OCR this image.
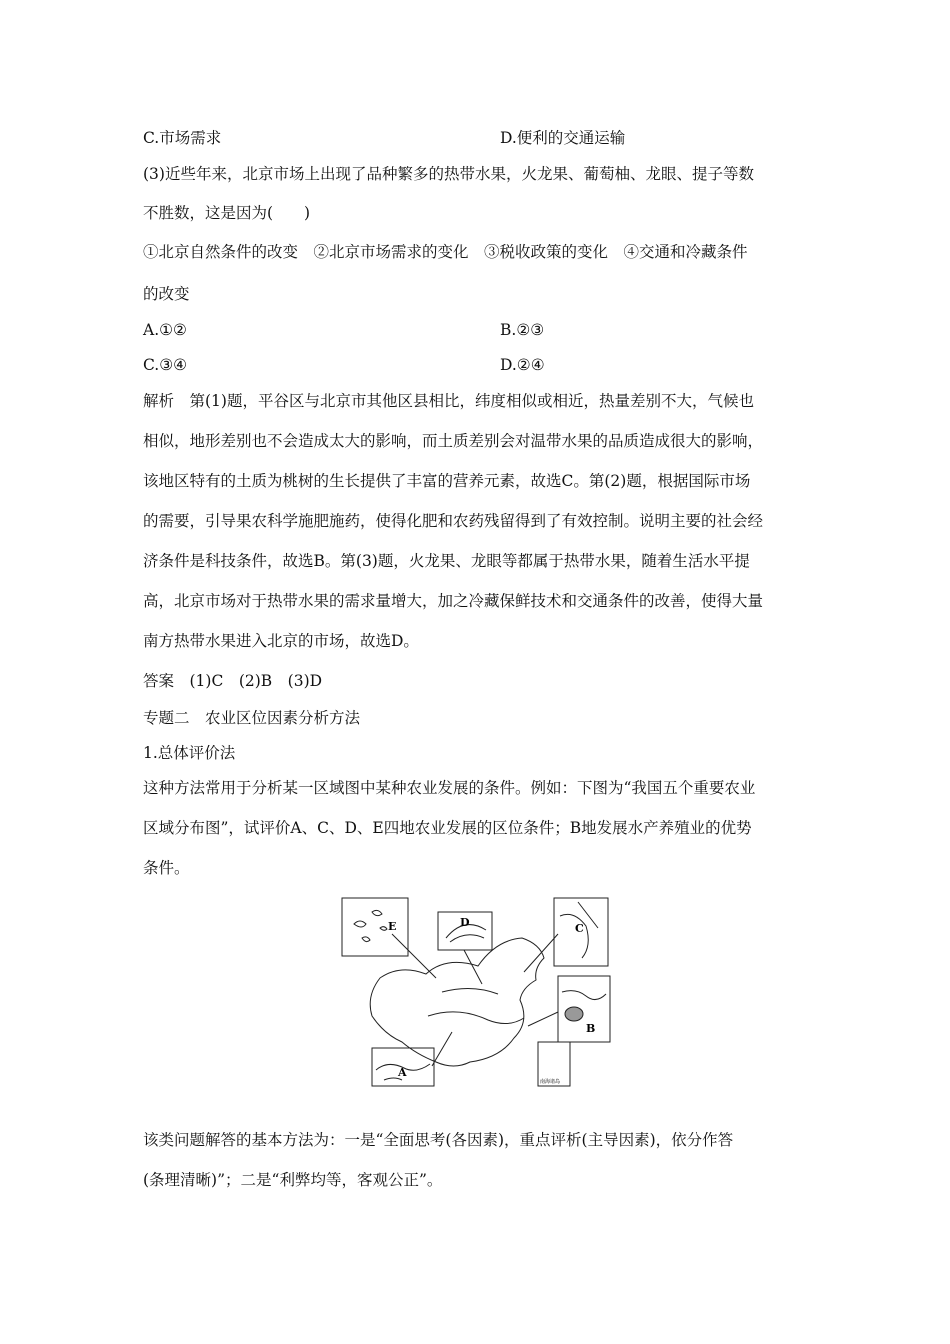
C.市场需求	D.便利的交通运输
(3)近些年来，北京市场上出现了品种繁多的热带水果，火龙果、葡萄柚、龙眼、提子等数
不胜数，这是因为(　　)
①北京自然条件的改变　②北京市场需求的变化　③税收政策的变化　④交通和冷藏条件
的改变
A.①②	B.②③
C.③④	D.②④
解析　第(1)题，平谷区与北京市其他区县相比，纬度相似或相近，热量差别不大，气候也
相似，地形差别也不会造成太大的影响，而土质差别会对温带水果的品质造成很大的影响，
该地区特有的土质为桃树的生长提供了丰富的营养元素，故选C。第(2)题，根据国际市场
的需要，引导果农科学施肥施药，使得化肥和农药残留得到了有效控制。说明主要的社会经
济条件是科技条件，故选B。第(3)题，火龙果、龙眼等都属于热带水果，随着生活水平提
高，北京市场对于热带水果的需求量增大，加之冷藏保鲜技术和交通条件的改善，使得大量
南方热带水果进入北京的市场，故选D。
答案　(1)C　(2)B　(3)D
专题二　农业区位因素分析方法
1.总体评价法
这种方法常用于分析某一区域图中某种农业发展的条件。例如：下图为“我国五个重要农业
区域分布图”，试评价A、C、D、E四地农业发展的区位条件；B地发展水产养殖业的优势
条件。
E	D	C
B
A
南海诸岛
该类问题解答的基本方法为：一是“全面思考(各因素)，重点评析(主导因素)，依分作答
(条理清晰)”；二是“利弊均等，客观公正”。
